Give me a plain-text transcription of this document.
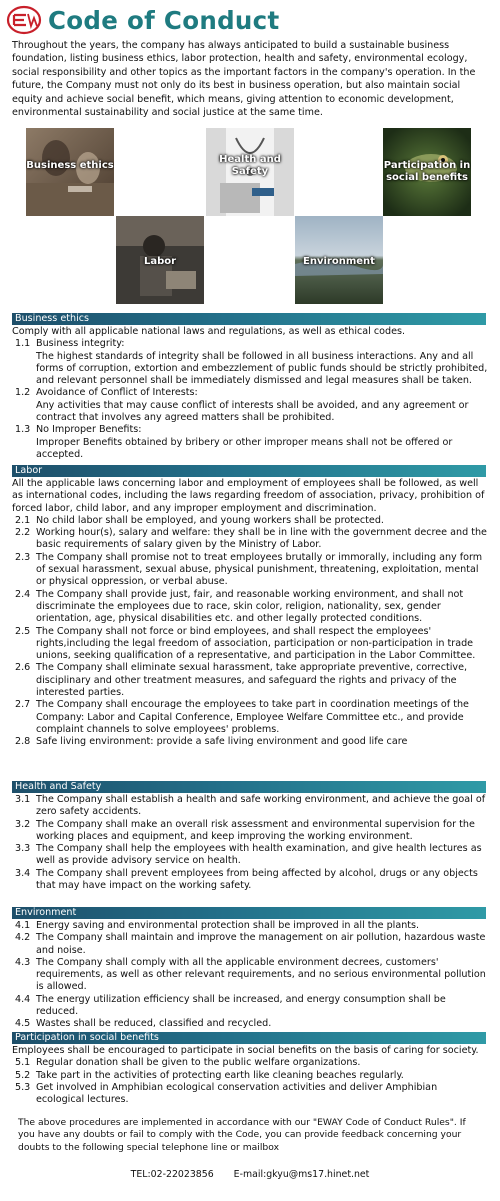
Code of Conduct
Throughout the years, the company has always anticipated to build a sustainable business foundation, listing business ethics, labor protection, health and safety, environmental ecology, social responsibility and other topics as the important factors in the company's operation. In the future, the Company must not only do its best in business operation, but also maintain social equity and achieve social benefit, which means, giving attention to economic development, environmental sustainability and social justice at the same time.
Business ethics
Health and Safety
Participation in social benefits
Labor	Environment
Business ethics

Comply with all applicable national laws and regulations, as well as ethical codes.

1.1 Business integrity:

The highest standards of integrity shall be followed in all business interactions. Any and all forms of corruption, extortion and embezzlement of public funds should be strictly prohibited, and relevant personnel shall be immediately dismissed and legal measures shall be taken.

1.2 Avoidance of Conflict of Interests:

Any activities that may cause conflict of interests shall be avoided, and any agreement or contract that involves any agreed matters shall be prohibited.

1.3 No Improper Benefits:

Improper Benefits obtained by bribery or other improper means shall not be offered or accepted.

Labor

All the applicable laws concerning labor and employment of employees shall be followed, as well as international codes, including the laws regarding freedom of association, privacy, prohibition of forced labor, child labor, and any improper employment and discrimination.

2.1 No child labor shall be employed, and young workers shall be protected.
2.2 Working hour(s), salary and welfare: they shall be in line with the government decree and the basic requirements of salary given by the Ministry of Labor.
2.3 The Company shall promise not to treat employees brutally or immorally, including any form of sexual harassment, sexual abuse, physical punishment, threatening, exploitation, mental or physical oppression, or verbal abuse.
2.4 The Company shall provide just, fair, and reasonable working environment, and shall not discriminate the employees due to race, skin color, religion, nationality, sex, gender orientation, age, physical disabilities etc. and other legally protected conditions.
2.5 The Company shall not force or bind employees, and shall respect the employees' rights,including the legal freedom of association, participation or non-participation in trade unions, seeking qualification of a representative, and participation in the Labor Committee.
2.6 The Company shall eliminate sexual harassment, take appropriate preventive, corrective, disciplinary and other treatment measures, and safeguard the rights and privacy of the interested parties.
2.7 The Company shall encourage the employees to take part in coordination meetings of the Company: Labor and Capital Conference, Employee Welfare Committee etc., and provide complaint channels to solve employees' problems.
2.8 Safe living environment: provide a safe living environment and good life care
Health and Safety
3.1 The Company shall establish a health and safe working environment, and achieve the goal of zero safety accidents.
3.2 The Company shall make an overall risk assessment and environmental supervision for the working places and equipment, and keep improving the working environment.
3.3 The Company shall help the employees with health examination, and give health lectures as well as provide advisory service on health.
3.4 The Company shall prevent employees from being affected by alcohol, drugs or any objects that may have impact on the working safety.
Environment
4.1 Energy saving and environmental protection shall be improved in all the plants.
4.2 The Company shall maintain and improve the management on air pollution, hazardous waste and noise.
4.3 The Company shall comply with all the applicable environment decrees, customers' requirements, as well as other relevant requirements, and no serious environmental pollution is allowed.
4.4 The energy utilization efficiency shall be increased, and energy consumption shall be reduced.
4.5 Wastes shall be reduced, classified and recycled.
Participation in social benefits

Employees shall be encouraged to participate in social benefits on the basis of caring for society.

5.1 Regular donation shall be given to the public welfare organizations.
5.2 Take part in the activities of protecting earth like cleaning beaches regularly.
5.3 Get involved in Amphibian ecological conservation activities and deliver Amphibian ecological lectures.
The above procedures are implemented in accordance with our "EWAY Code of Conduct Rules". If you have any doubts or fail to comply with the Code, you can provide feedback concerning your doubts to the following special telephone line or mailbox
TEL:02-22023856 E-mail:gkyu@ms17.hinet.net
